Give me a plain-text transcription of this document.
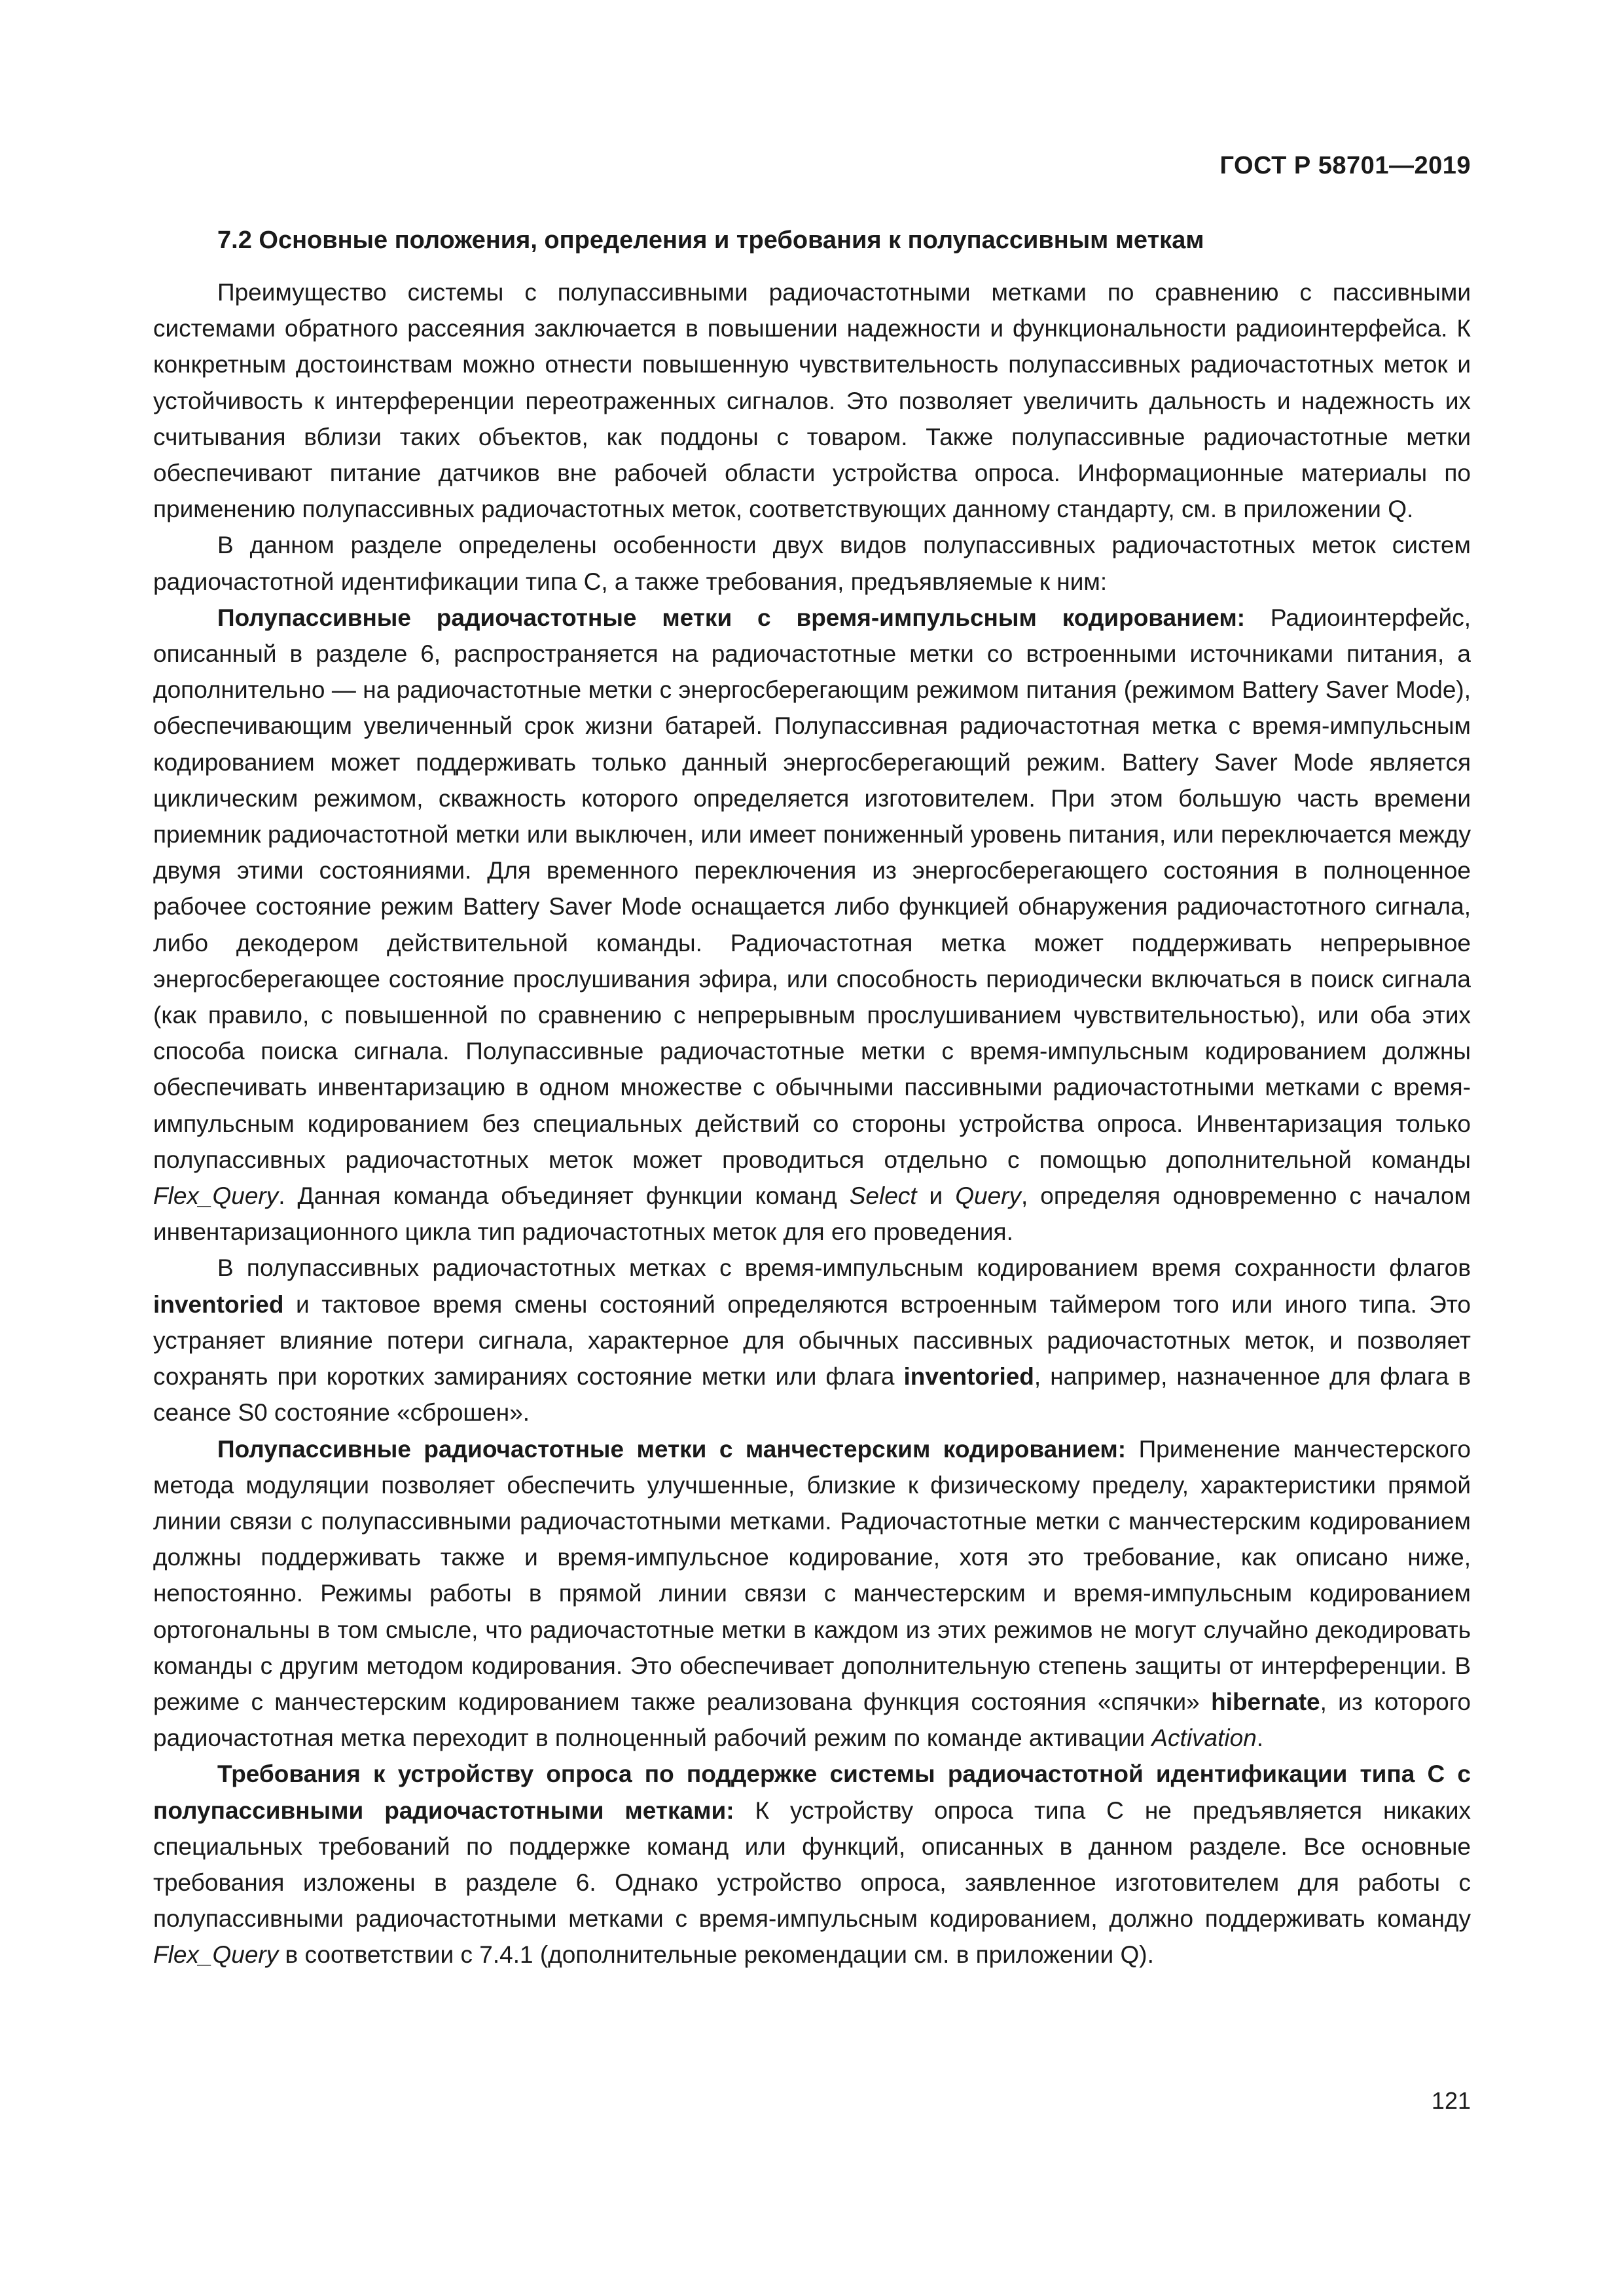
ГОСТ Р 58701—2019
7.2 Основные положения, определения и требования к полупассивным меткам

Преимущество системы с полупассивными радиочастотными метками по сравнению с пассивными системами обратного рассеяния заключается в повышении надежности и функциональности радиоинтерфейса. К конкретным достоинствам можно отнести повышенную чувствительность полупассивных радиочастотных меток и устойчивость к интерференции переотраженных сигналов. Это позволяет увеличить дальность и надежность их считывания вблизи таких объектов, как поддоны с товаром. Также полупассивные радиочастотные метки обеспечивают питание датчиков вне рабочей области устройства опроса. Информационные материалы по применению полупассивных радиочастотных меток, соответствующих данному стандарту, см. в приложении Q.

В данном разделе определены особенности двух видов полупассивных радиочастотных меток систем радиочастотной идентификации типа С, а также требования, предъявляемые к ним:

Полупассивные радиочастотные метки с время-импульсным кодированием: Радиоинтерфейс, описанный в разделе 6, распространяется на радиочастотные метки со встроенными источниками питания, а дополнительно — на радиочастотные метки с энергосберегающим режимом питания (режимом Battery Saver Mode), обеспечивающим увеличенный срок жизни батарей. Полупассивная радиочастотная метка с время-импульсным кодированием может поддерживать только данный энергосберегающий режим. Battery Saver Mode является циклическим режимом, скважность которого определяется изготовителем. При этом большую часть времени приемник радиочастотной метки или выключен, или имеет пониженный уровень питания, или переключается между двумя этими состояниями. Для временного переключения из энергосберегающего состояния в полноценное рабочее состояние режим Battery Saver Mode оснащается либо функцией обнаружения радиочастотного сигнала, либо декодером действительной команды. Радиочастотная метка может поддерживать непрерывное энергосберегающее состояние прослушивания эфира, или способность периодически включаться в поиск сигнала (как правило, с повышенной по сравнению с непрерывным прослушиванием чувствительностью), или оба этих способа поиска сигнала. Полупассивные радиочастотные метки с время-импульсным кодированием должны обеспечивать инвентаризацию в одном множестве с обычными пассивными радиочастотными метками с время-импульсным кодированием без специальных действий со стороны устройства опроса. Инвентаризация только полупассивных радиочастотных меток может проводиться отдельно с помощью дополнительной команды Flex_Query. Данная команда объединяет функции команд Select и Query, определяя одновременно с началом инвентаризационного цикла тип радиочастотных меток для его проведения.

В полупассивных радиочастотных метках с время-импульсным кодированием время сохранности флагов inventoried и тактовое время смены состояний определяются встроенным таймером того или иного типа. Это устраняет влияние потери сигнала, характерное для обычных пассивных радиочастотных меток, и позволяет сохранять при коротких замираниях состояние метки или флага inventoried, например, назначенное для флага в сеансе S0 состояние «сброшен».

Полупассивные радиочастотные метки с манчестерским кодированием: Применение манчестерского метода модуляции позволяет обеспечить улучшенные, близкие к физическому пределу, характеристики прямой линии связи с полупассивными радиочастотными метками. Радиочастотные метки с манчестерским кодированием должны поддерживать также и время-импульсное кодирование, хотя это требование, как описано ниже, непостоянно. Режимы работы в прямой линии связи с манчестерским и время-импульсным кодированием ортогональны в том смысле, что радиочастотные метки в каждом из этих режимов не могут случайно декодировать команды с другим методом кодирования. Это обеспечивает дополнительную степень защиты от интерференции. В режиме с манчестерским кодированием также реализована функция состояния «спячки» hibernate, из которого радиочастотная метка переходит в полноценный рабочий режим по команде активации Activation.

Требования к устройству опроса по поддержке системы радиочастотной идентификации типа С с полупассивными радиочастотными метками: К устройству опроса типа С не предъявляется никаких специальных требований по поддержке команд или функций, описанных в данном разделе. Все основные требования изложены в разделе 6. Однако устройство опроса, заявленное изготовителем для работы с полупассивными радиочастотными метками с время-импульсным кодированием, должно поддерживать команду Flex_Query в соответствии с 7.4.1 (дополнительные рекомендации см. в приложении Q).

121
